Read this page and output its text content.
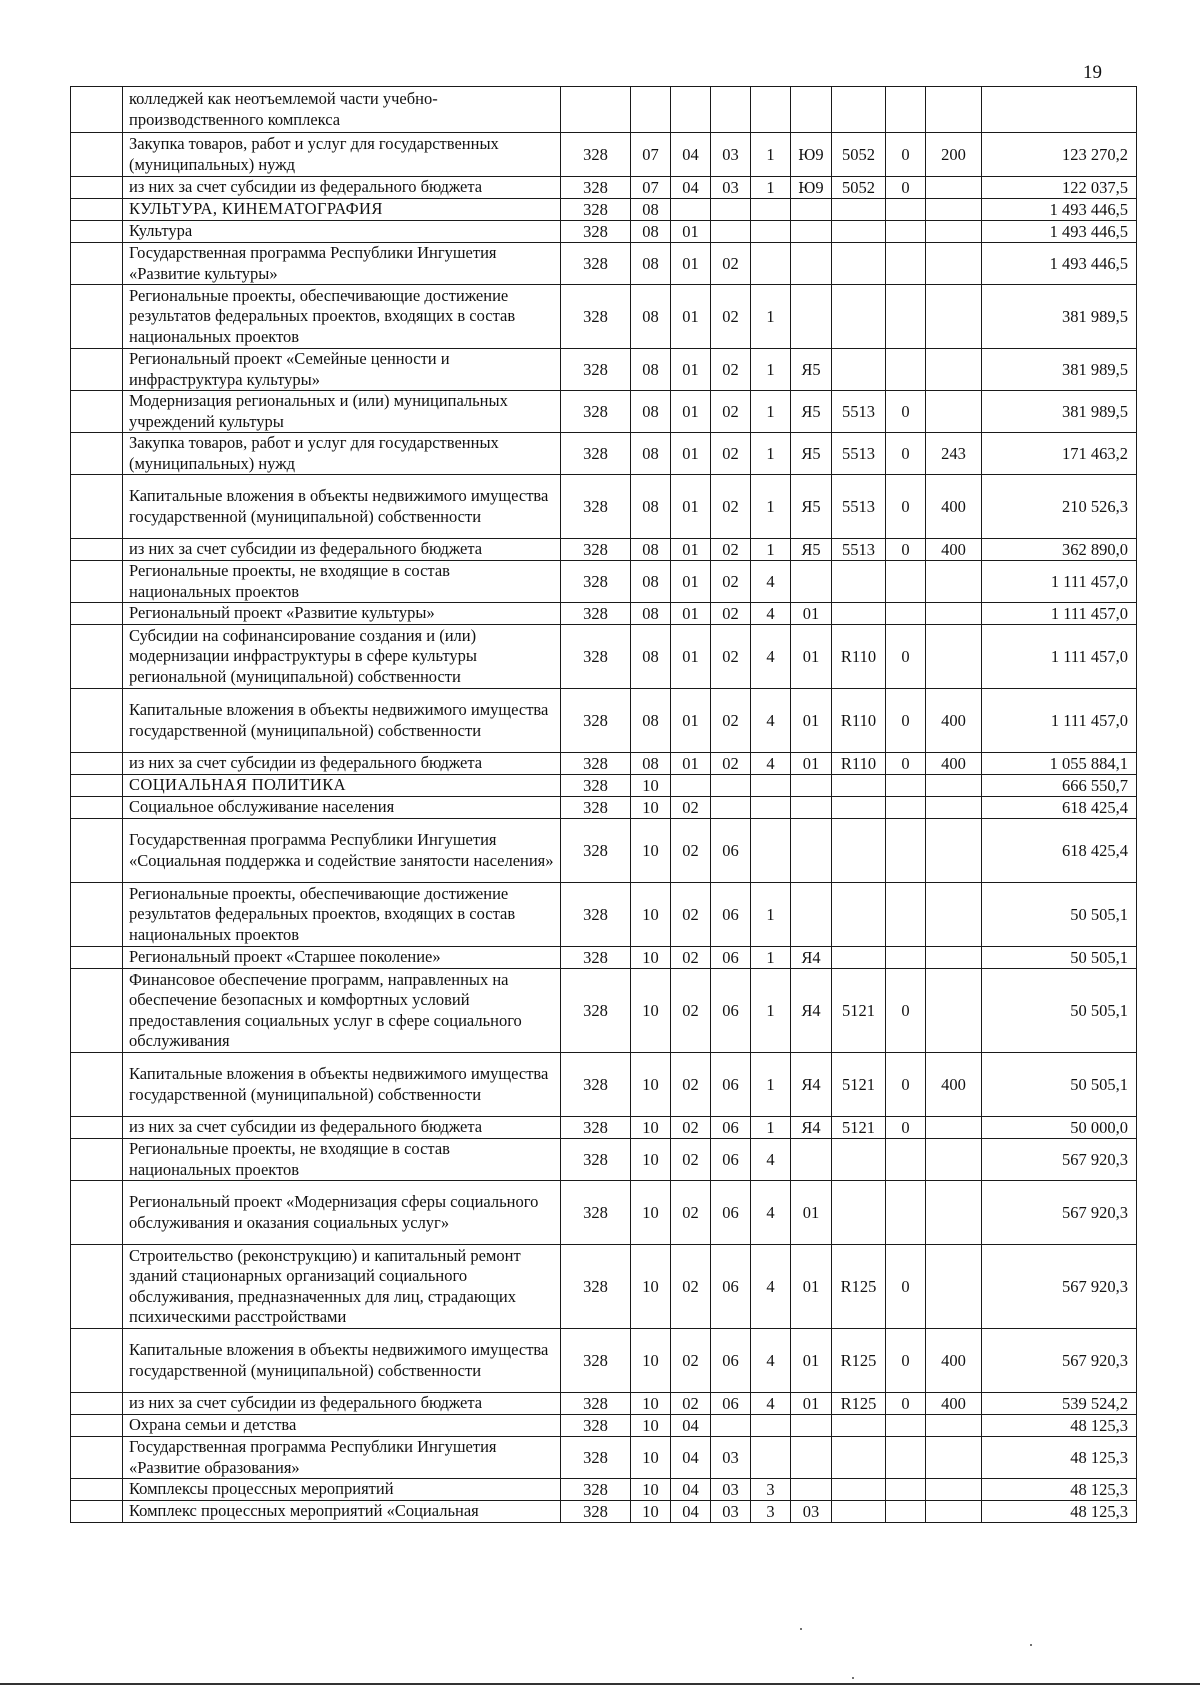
19
	колледжей как неотъемлемой части учебно-производственного комплекса										
	Закупка товаров, работ и услуг для государственных (муниципальных) нужд	328	07	04	03	1	Ю9	5052	0	200	123 270,2
	из них за счет субсидии из федерального бюджета	328	07	04	03	1	Ю9	5052	0		122 037,5
	КУЛЬТУРА, КИНЕМАТОГРАФИЯ	328	08								1 493 446,5
	Культура	328	08	01							1 493 446,5
	Государственная программа Республики Ингушетия «Развитие культуры»	328	08	01	02						1 493 446,5
	Региональные проекты, обеспечивающие достижение результатов федеральных проектов, входящих в состав национальных проектов	328	08	01	02	1					381 989,5
	Региональный проект «Семейные ценности и инфраструктура культуры»	328	08	01	02	1	Я5				381 989,5
	Модернизация региональных и (или) муниципальных учреждений культуры	328	08	01	02	1	Я5	5513	0		381 989,5
	Закупка товаров, работ и услуг для государственных (муниципальных) нужд	328	08	01	02	1	Я5	5513	0	243	171 463,2
	Капитальные вложения в объекты недвижимого имущества государственной (муниципальной) собственности	328	08	01	02	1	Я5	5513	0	400	210 526,3
	из них за счет субсидии из федерального бюджета	328	08	01	02	1	Я5	5513	0	400	362 890,0
	Региональные проекты, не входящие в состав национальных проектов	328	08	01	02	4					1 111 457,0
	Региональный проект «Развитие культуры»	328	08	01	02	4	01				1 111 457,0
	Субсидии на софинансирование создания и (или) модернизации инфраструктуры в сфере культуры региональной (муниципальной) собственности	328	08	01	02	4	01	R110	0		1 111 457,0
	Капитальные вложения в объекты недвижимого имущества государственной (муниципальной) собственности	328	08	01	02	4	01	R110	0	400	1 111 457,0
	из них за счет субсидии из федерального бюджета	328	08	01	02	4	01	R110	0	400	1 055 884,1
	СОЦИАЛЬНАЯ ПОЛИТИКА	328	10								666 550,7
	Социальное обслуживание населения	328	10	02							618 425,4
	Государственная программа Республики Ингушетия «Социальная поддержка и содействие занятости населения»	328	10	02	06						618 425,4
	Региональные проекты, обеспечивающие достижение результатов федеральных проектов, входящих в состав национальных проектов	328	10	02	06	1					50 505,1
	Региональный проект «Старшее поколение»	328	10	02	06	1	Я4				50 505,1
	Финансовое обеспечение программ, направленных на обеспечение безопасных и комфортных условий предоставления социальных услуг в сфере социального обслуживания	328	10	02	06	1	Я4	5121	0		50 505,1
	Капитальные вложения в объекты недвижимого имущества государственной (муниципальной) собственности	328	10	02	06	1	Я4	5121	0	400	50 505,1
	из них за счет субсидии из федерального бюджета	328	10	02	06	1	Я4	5121	0		50 000,0
	Региональные проекты, не входящие в состав национальных проектов	328	10	02	06	4					567 920,3
	Региональный проект «Модернизация сферы социального обслуживания и оказания социальных услуг»	328	10	02	06	4	01				567 920,3
	Строительство (реконструкцию) и капитальный ремонт зданий стационарных организаций социального обслуживания, предназначенных для лиц, страдающих психическими расстройствами	328	10	02	06	4	01	R125	0		567 920,3
	Капитальные вложения в объекты недвижимого имущества государственной (муниципальной) собственности	328	10	02	06	4	01	R125	0	400	567 920,3
	из них за счет субсидии из федерального бюджета	328	10	02	06	4	01	R125	0	400	539 524,2
	Охрана семьи и детства	328	10	04							48 125,3
	Государственная программа Республики Ингушетия «Развитие образования»	328	10	04	03						48 125,3
	Комплексы процессных мероприятий	328	10	04	03	3					48 125,3
	Комплекс процессных мероприятий «Социальная	328	10	04	03	3	03				48 125,3
